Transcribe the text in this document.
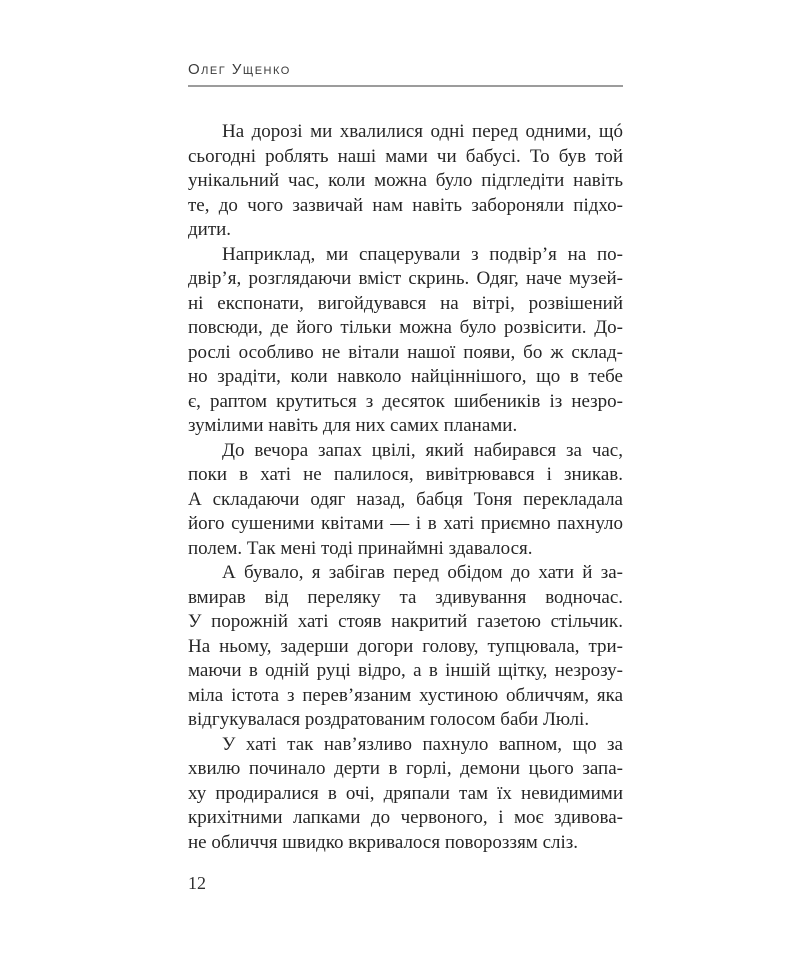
Олег Ущенко
На дорозі ми хвалилися одні перед одними, щó
сьогодні роблять наші мами чи бабусі. То був той
унікальний час, коли можна було підгледіти навіть
те, до чого зазвичай нам навіть забороняли підхо-
дити.
Наприклад, ми спацерували з подвір’я на по-
двір’я, розглядаючи вміст скринь. Одяг, наче музей-
ні експонати, вигойдувався на вітрі, розвішений
повсюди, де його тільки можна було розвісити. До-
рослі особливо не вітали нашої появи, бо ж склад-
но зрадіти, коли навколо найціннішого, що в тебе
є, раптом крутиться з десяток шибеників із незро-
зумілими навіть для них самих планами.
До вечора запах цвілі, який набирався за час,
поки в хаті не палилося, вивітрювався і зникав.
А складаючи одяг назад, бабця Тоня перекладала
його сушеними квітами — і в хаті приємно пахнуло
полем. Так мені тоді принаймні здавалося.
А бувало, я забігав перед обідом до хати й за-
вмирав від переляку та здивування водночас.
У порожній хаті стояв накритий газетою стільчик.
На ньому, задерши догори голову, тупцювала, три-
маючи в одній руці відро, а в іншій щітку, незрозу-
міла істота з перев’язаним хустиною обличчям, яка
відгукувалася роздратованим голосом баби Люлі.
У хаті так нав’язливо пахнуло вапном, що за
хвилю починало дерти в горлі, демони цього запа-
ху продиралися в очі, дряпали там їх невидимими
крихітними лапками до червоного, і моє здивова-
не обличчя швидко вкривалося повороззям сліз.
12
